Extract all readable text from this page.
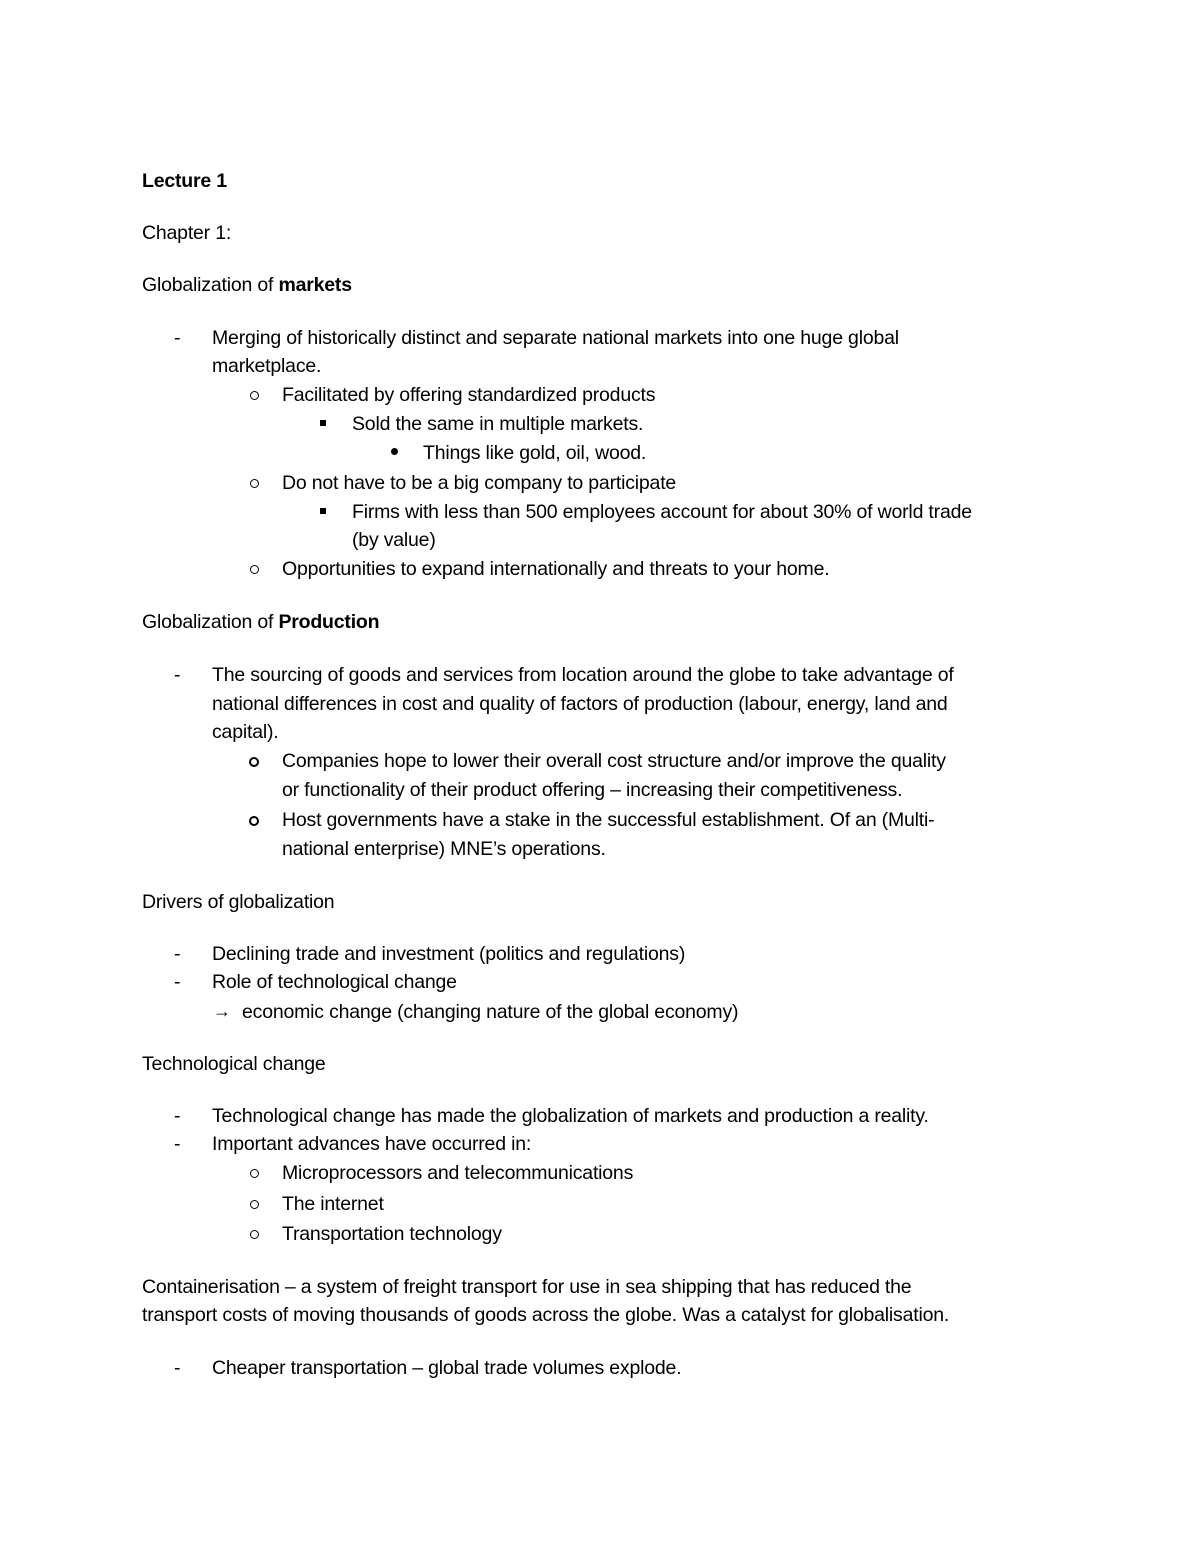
Lecture 1
Chapter 1:
Globalization of markets
- Merging of historically distinct and separate national markets into one huge global
marketplace.
Facilitated by offering standardized products
Sold the same in multiple markets.
Things like gold, oil, wood.
Do not have to be a big company to participate
Firms with less than 500 employees account for about 30% of world trade
(by value)
Opportunities to expand internationally and threats to your home.
Globalization of Production
- The sourcing of goods and services from location around the globe to take advantage of
national differences in cost and quality of factors of production (labour, energy, land and
capital).
Companies hope to lower their overall cost structure and/or improve the quality
or functionality of their product offering – increasing their competitiveness.
Host governments have a stake in the successful establishment. Of an (Multi-
national enterprise) MNE’s operations.
Drivers of globalization
- Declining trade and investment (politics and regulations)
- Role of technological change
→ economic change (changing nature of the global economy)
Technological change
- Technological change has made the globalization of markets and production a reality.
- Important advances have occurred in:
Microprocessors and telecommunications
The internet
Transportation technology
Containerisation – a system of freight transport for use in sea shipping that has reduced the
transport costs of moving thousands of goods across the globe. Was a catalyst for globalisation.
- Cheaper transportation – global trade volumes explode.
